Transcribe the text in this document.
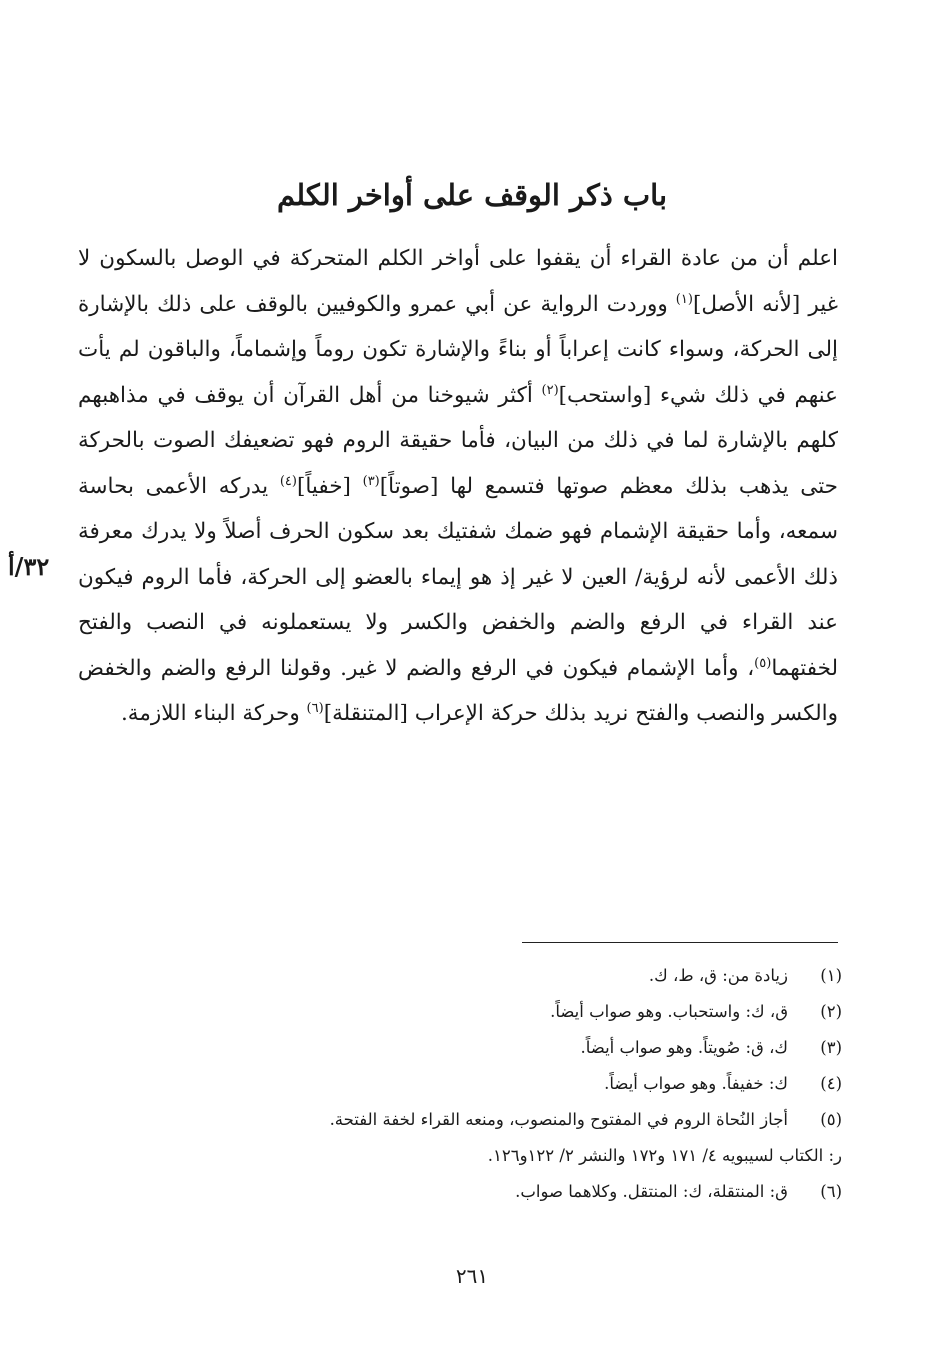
باب ذكر الوقف على أواخر الكلم
اعلم أن من عادة القراء أن يقفوا على أواخر الكلم المتحركة في الوصل بالسكون لا
غير [لأنه الأصل]$^{(١)}$ ووردت الرواية عن أبي عمرو والكوفيين بالوقف على ذلك بالإشارة
إلى الحركة، وسواء كانت إعراباً أو بناءً والإشارة تكون روماً وإشماماً، والباقون لم يأت
عنهم في ذلك شيء [واستحب]$^{(٢)}$ أكثر شيوخنا من أهل القرآن أن يوقف في مذاهبهم
كلهم بالإشارة لما في ذلك من البيان، فأما حقيقة الروم فهو تضعيفك الصوت بالحركة
حتى يذهب بذلك معظم صوتها فتسمع لها [صوتاً]$^{(٣)}$ [خفياً]$^{(٤)}$ يدركه الأعمى بحاسة
سمعه، وأما حقيقة الإشمام فهو ضمك شفتيك بعد سكون الحرف أصلاً ولا يدرك معرفة
ذلك الأعمى لأنه لرؤية/ العين لا غير إذ هو إيماء بالعضو إلى الحركة، فأما الروم فيكون
عند القراء في الرفع والضم والخفض والكسر ولا يستعملونه في النصب والفتح
لخفتهما$^{(٥)}$، وأما الإشمام فيكون في الرفع والضم لا غير. وقولنا الرفع والضم والخفض
والكسر والنصب والفتح نريد بذلك حركة الإعراب [المتنقلة]$^{(٦)}$ وحركة البناء اللازمة.
٣٢/أ
(١)زيادة من: ق، ط، ك.
(٢)ق، ك: واستحباب. وهو صواب أيضاً.
(٣)ك، ق: صُويتاً. وهو صواب أيضاً.
(٤)ك: خفيفاً. وهو صواب أيضاً.
(٥)أجاز النُحاة الروم في المفتوح والمنصوب، ومنعه القراء لخفة الفتحة.
ر: الكتاب لسيبويه ٤/ ١٧١ و١٧٢ والنشر ٢/ ١٢٢و١٢٦.
(٦)ق: المنتقلة، ك: المنتقل. وكلاهما صواب.
٢٦١
